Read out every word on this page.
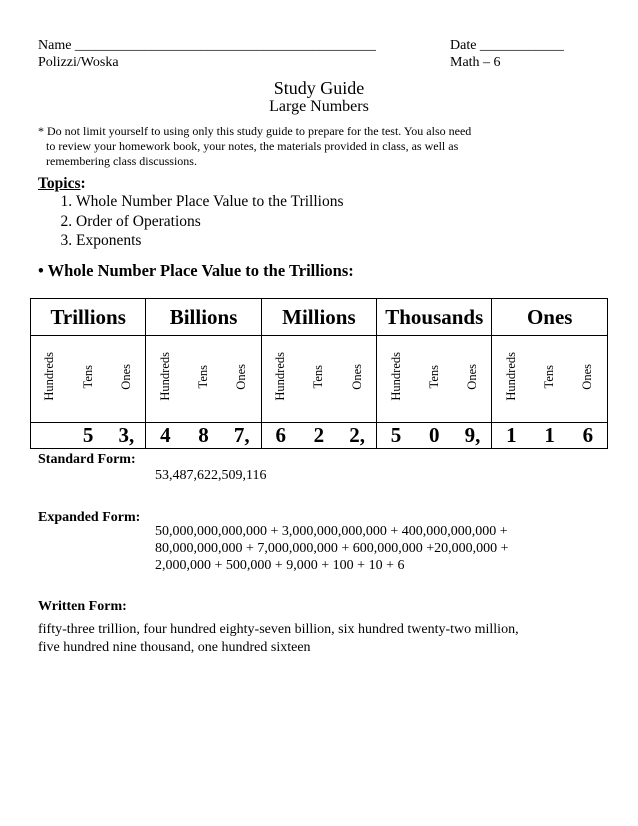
Name ___________________________________________
Polizzi/Woska
Date ____________
Math – 6
Study Guide
Large Numbers
* Do not limit yourself to using only this study guide to prepare for the test. You also need
to review your homework book, your notes, the materials provided in class, as well as
remembering class discussions.
Topics:
1. Whole Number Place Value to the Trillions
2. Order of Operations
3. Exponents
• Whole Number Place Value to the Trillions:
Trillions			Billions			Millions			Thousands			Ones		
Hundreds	Tens	Ones	Hundreds	Tens	Ones	Hundreds	Tens	Ones	Hundreds	Tens	Ones	Hundreds	Tens	Ones
	5	3,	4	8	7,	6	2	2,	5	0	9,	1	1	6
Standard Form:
53,487,622,509,116
Expanded Form:
50,000,000,000,000 + 3,000,000,000,000 + 400,000,000,000 +
80,000,000,000 + 7,000,000,000 + 600,000,000 +20,000,000 +
2,000,000 + 500,000 + 9,000 + 100 + 10 + 6
Written Form:
fifty-three trillion, four hundred eighty-seven billion, six hundred twenty-two million,
five hundred nine thousand, one hundred sixteen
